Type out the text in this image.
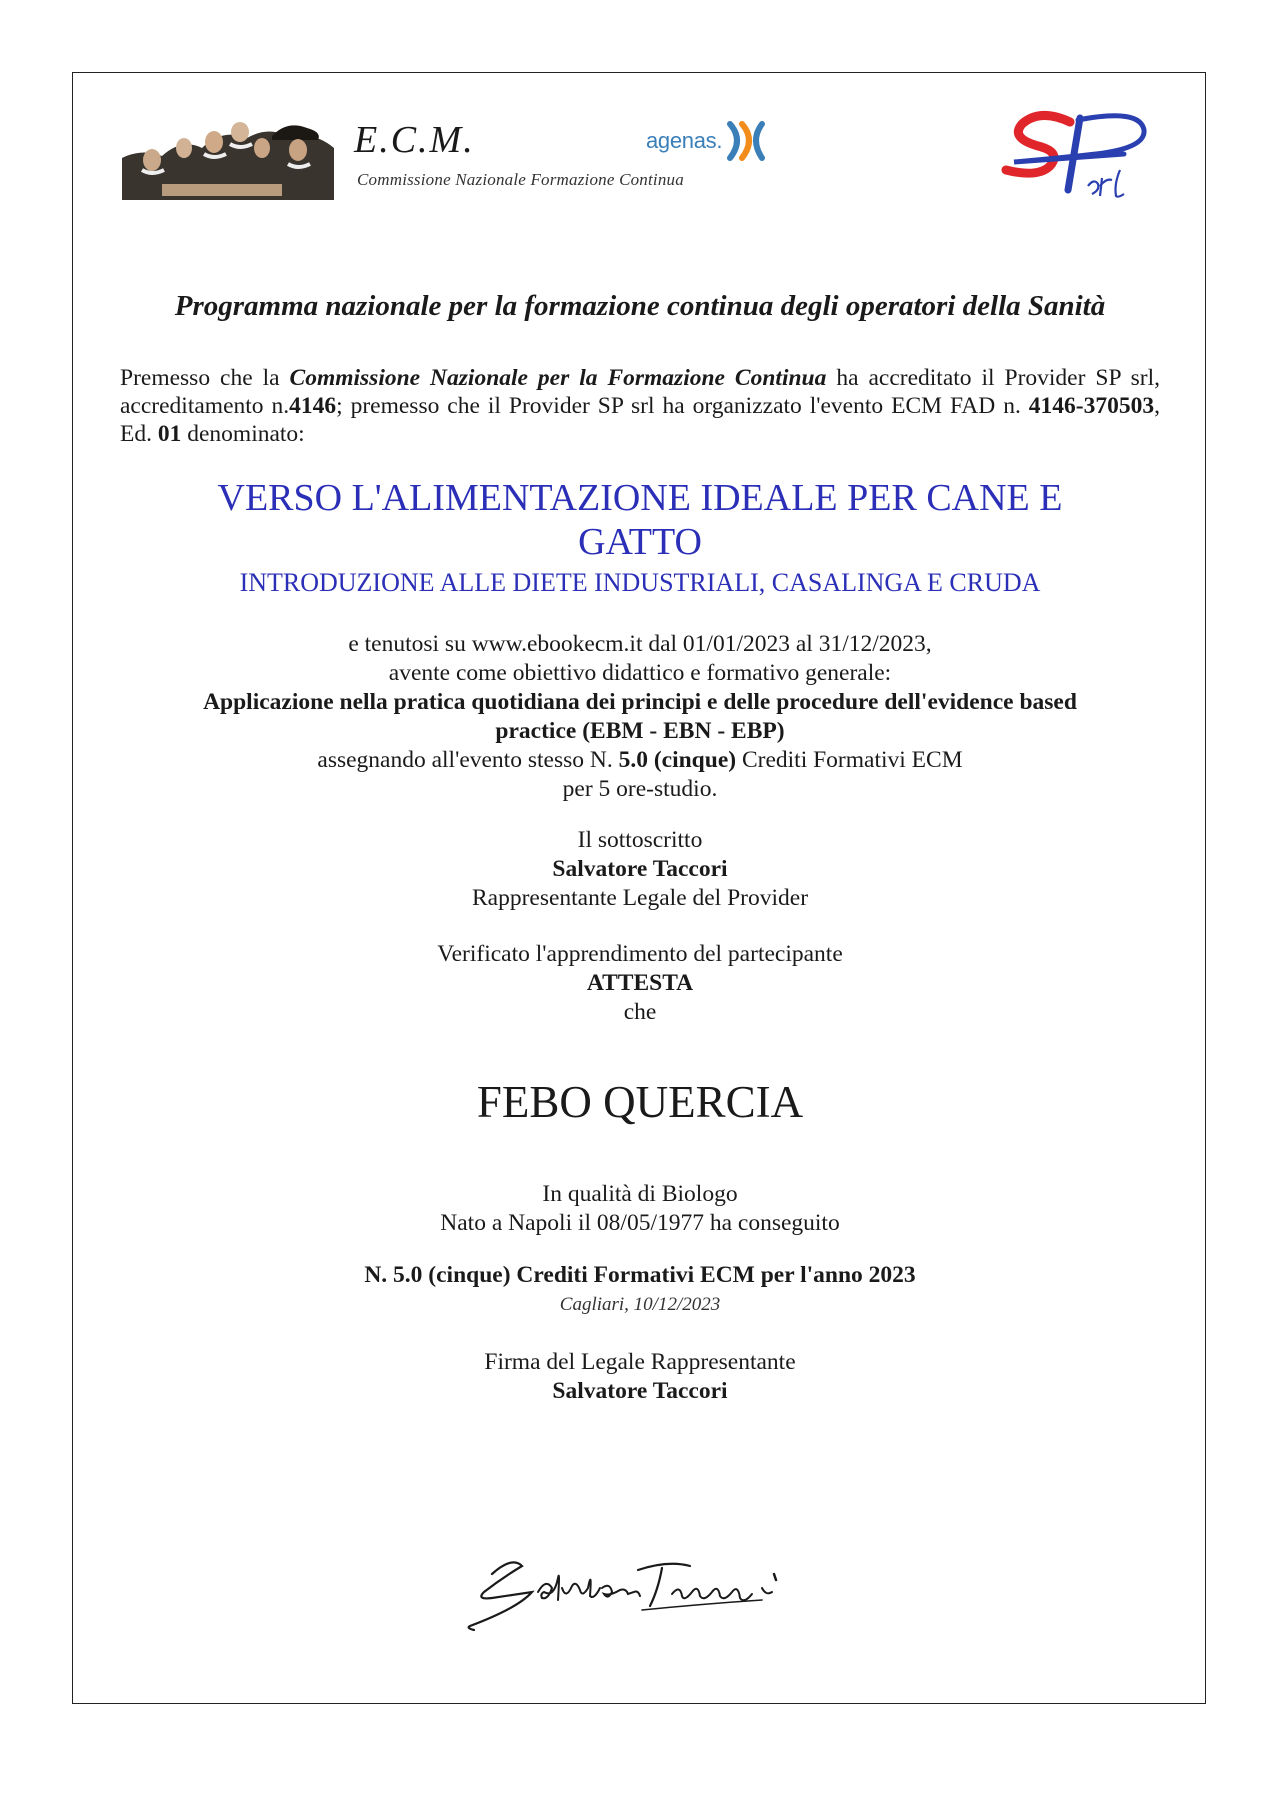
E.C.M.
Commissione Nazionale Formazione Continua
agenas.
Programma nazionale per la formazione continua degli operatori della Sanità
Premesso che la Commissione Nazionale per la Formazione Continua ha accreditato il Provider SP srl, accreditamento n.4146; premesso che il Provider SP srl ha organizzato l'evento ECM FAD n. 4146-370503, Ed. 01 denominato:
VERSO L'ALIMENTAZIONE IDEALE PER CANE E
GATTO
INTRODUZIONE ALLE DIETE INDUSTRIALI, CASALINGA E CRUDA
e tenutosi su www.ebookecm.it dal 01/01/2023 al 31/12/2023,
avente come obiettivo didattico e formativo generale:
Applicazione nella pratica quotidiana dei principi e delle procedure dell'evidence based
practice (EBM - EBN - EBP)
assegnando all'evento stesso N. 5.0 (cinque) Crediti Formativi ECM
per 5 ore-studio.
Il sottoscritto
Salvatore Taccori
Rappresentante Legale del Provider
Verificato l'apprendimento del partecipante
ATTESTA
che
FEBO QUERCIA
In qualità di Biologo
Nato a Napoli il 08/05/1977 ha conseguito
N. 5.0 (cinque) Crediti Formativi ECM per l'anno 2023
Cagliari, 10/12/2023
Firma del Legale Rappresentante
Salvatore Taccori
